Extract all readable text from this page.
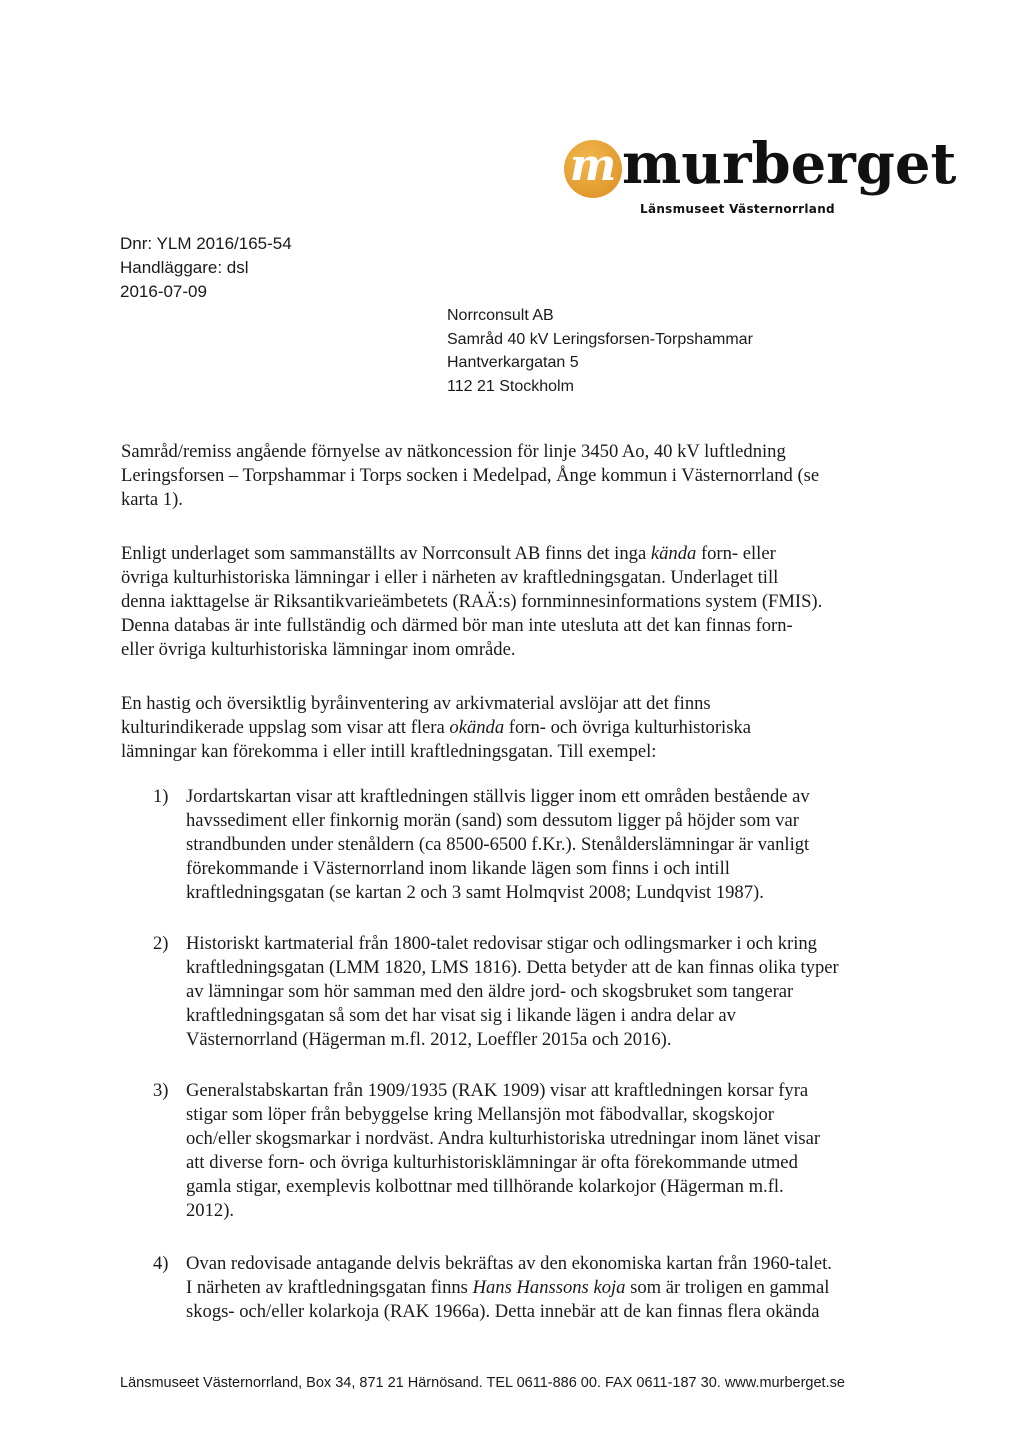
m murberget
Länsmuseet Västernorrland
Dnr: YLM 2016/165-54
Handläggare: dsl
2016-07-09
Norrconsult AB
Samråd 40 kV Leringsforsen-Torpshammar
Hantverkargatan 5
112 21 Stockholm

Samråd/remiss angående förnyelse av nätkoncession för linje 3450 Ao, 40 kV luftledning
Leringsforsen – Torpshammar i Torps socken i Medelpad, Ånge kommun i Västernorrland (se
karta 1).

Enligt underlaget som sammanställts av Norrconsult AB finns det inga kända forn- eller
övriga kulturhistoriska lämningar i eller i närheten av kraftledningsgatan. Underlaget till
denna iakttagelse är Riksantikvarieämbetets (RAÄ:s) fornminnesinformations system (FMIS).
Denna databas är inte fullständig och därmed bör man inte utesluta att det kan finnas forn-
eller övriga kulturhistoriska lämningar inom område.

En hastig och översiktlig byråinventering av arkivmaterial avslöjar att det finns
kulturindikerade uppslag som visar att flera okända forn- och övriga kulturhistoriska
lämningar kan förekomma i eller intill kraftledningsgatan. Till exempel:

1) Jordartskartan visar att kraftledningen ställvis ligger inom ett områden bestående av
havssediment eller finkornig morän (sand) som dessutom ligger på höjder som var
strandbunden under stenåldern (ca 8500-6500 f.Kr.). Stenålderslämningar är vanligt
förekommande i Västernorrland inom likande lägen som finns i och intill
kraftledningsgatan (se kartan 2 och 3 samt Holmqvist 2008; Lundqvist 1987).
2) Historiskt kartmaterial från 1800-talet redovisar stigar och odlingsmarker i och kring
kraftledningsgatan (LMM 1820, LMS 1816). Detta betyder att de kan finnas olika typer
av lämningar som hör samman med den äldre jord- och skogsbruket som tangerar
kraftledningsgatan så som det har visat sig i likande lägen i andra delar av
Västernorrland (Hägerman m.fl. 2012, Loeffler 2015a och 2016).
3) Generalstabskartan från 1909/1935 (RAK 1909) visar att kraftledningen korsar fyra
stigar som löper från bebyggelse kring Mellansjön mot fäbodvallar, skogskojor
och/eller skogsmarkar i nordväst. Andra kulturhistoriska utredningar inom länet visar
att diverse forn- och övriga kulturhistorisklämningar är ofta förekommande utmed
gamla stigar, exemplevis kolbottnar med tillhörande kolarkojor (Hägerman m.fl.
2012).
4) Ovan redovisade antagande delvis bekräftas av den ekonomiska kartan från 1960-talet.
I närheten av kraftledningsgatan finns Hans Hanssons koja som är troligen en gammal
skogs- och/eller kolarkoja (RAK 1966a). Detta innebär att de kan finnas flera okända
Länsmuseet Västernorrland, Box 34, 871 21 Härnösand. TEL 0611-886 00. FAX 0611-187 30. www.murberget.se
